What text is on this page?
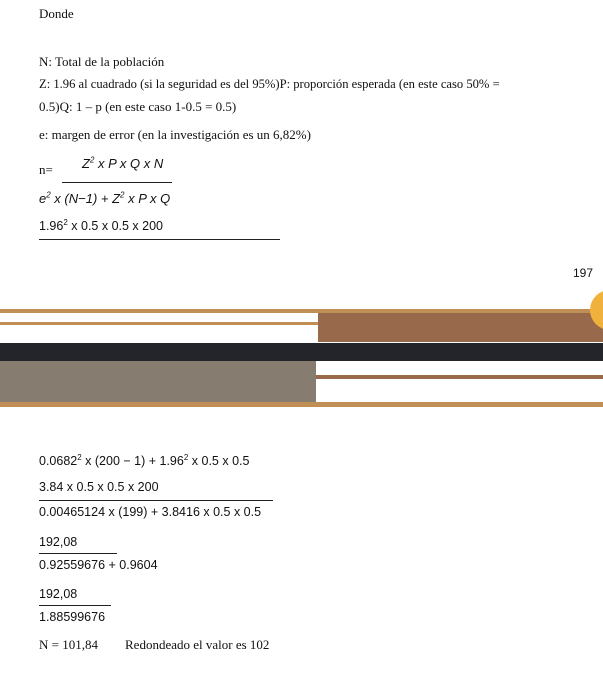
Donde
N: Total de la población
Z: 1.96 al cuadrado (si la seguridad es del 95%)P: proporción esperada (en este caso 50% =
0.5)Q: 1 – p (en este caso 1-0.5 = 0.5)
e: margen de error (en la investigación es un 6,82%)
$n= Z^2$ x P x Q x N
$e^2$ x $(N-1) + Z^2$ x P x Q
1.96$^2$ x 0.5 x 0.5 x 200
197
0.0682$^2$ x $(200 - 1) + 1.96^2$ x 0.5 x 0.5
3.84 x 0.5 x 0.5 x 200
0.00465124 x (199) + 3.8416 x 0.5 x 0.5
192,08
0.92559676 + 0.9604
192,08
1.88599676
N = 101,84 Redondeado el valor es 102
